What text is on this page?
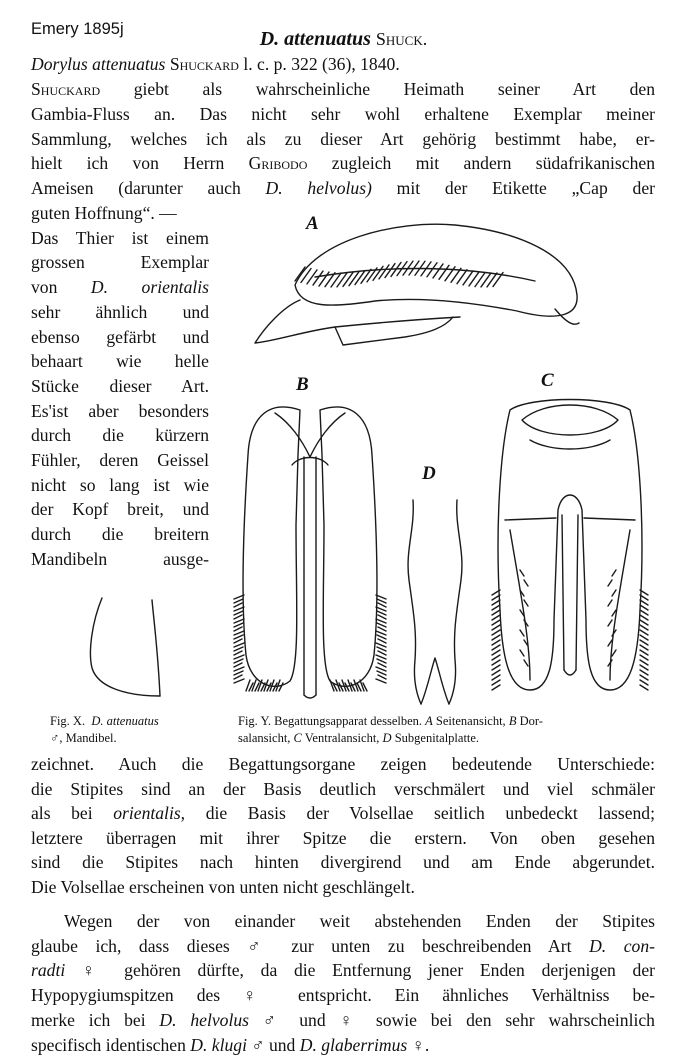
Emery 1895j	D. attenuatus Shuck.
Dorylus attenuatus Shuckard l. c. p. 322 (36), 1840.
Shuckard giebt als wahrscheinliche Heimath seiner Art den
Gambia-Fluss an. Das nicht sehr wohl erhaltene Exemplar meiner
Sammlung, welches ich als zu dieser Art gehörig bestimmt habe, er-
hielt ich von Herrn Gribodo zugleich mit andern südafrikanischen
Ameisen (darunter auch D. helvolus) mit der Etikette „Cap der
guten Hoffnung“. —
Das Thier ist einem
grossen Exemplar
von D. orientalis
sehr ähnlich und
ebenso gefärbt und
behaart wie helle
Stücke dieser Art.
Es'ist aber besonders
durch die kürzern
Fühler, deren Geissel
nicht so lang ist wie
der Kopf breit, und
durch die breitern
Mandibeln ausge-
A
B
D
C
Fig. X. D. attenuatus
♂, Mandibel.
Fig. Y. Begattungsapparat desselben. A Seitenansicht, B Dor-
salansicht, C Ventralansicht, D Subgenitalplatte.
zeichnet. Auch die Begattungsorgane zeigen bedeutende Unterschiede:
die Stipites sind an der Basis deutlich verschmälert und viel schmäler
als bei orientalis, die Basis der Volsellae seitlich unbedeckt lassend;
letztere überragen mit ihrer Spitze die erstern. Von oben gesehen
sind die Stipites nach hinten divergirend und am Ende abgerundet.
Die Volsellae erscheinen von unten nicht geschlängelt.
Wegen der von einander weit abstehenden Enden der Stipites
glaube ich, dass dieses ♂ zur unten zu beschreibenden Art D. con-
radti ♀ gehören dürfte, da die Entfernung jener Enden derjenigen der
Hypopygiumspitzen des ♀ entspricht. Ein ähnliches Verhältniss be-
merke ich bei D. helvolus ♂ und ♀ sowie bei den sehr wahrscheinlich
specifisch identischen D. klugi ♂ und D. glaberrimus ♀.
